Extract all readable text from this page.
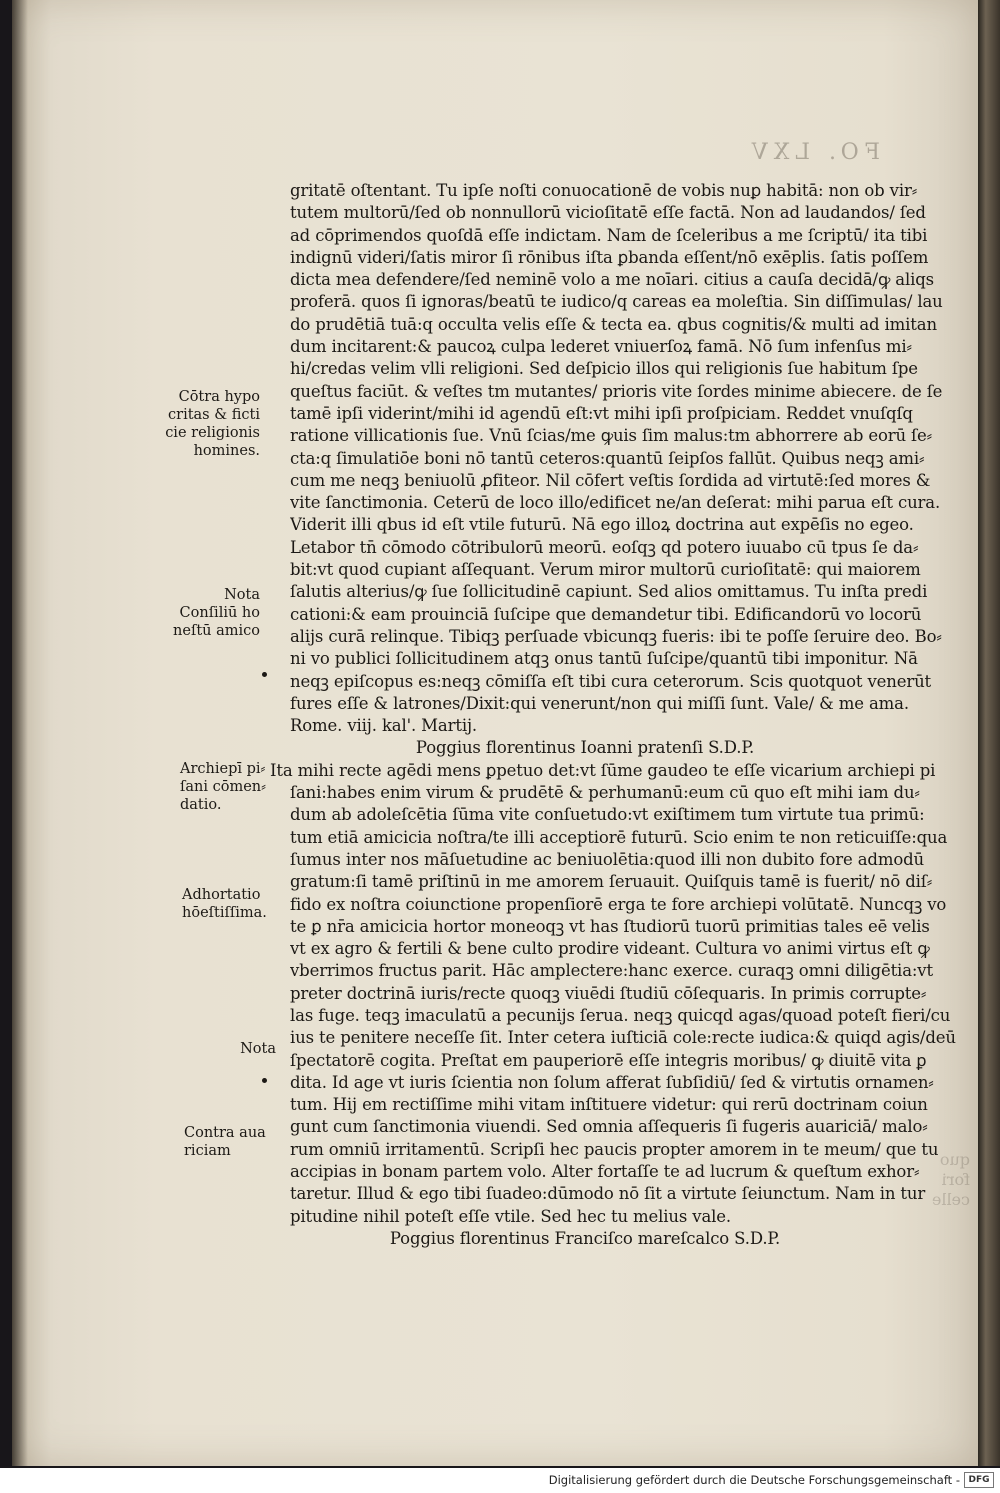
FO. LXV
quo
fori
celle
gritatē oſtentant. Tu ipſe noſti conuocationē de vobis nuꝑ habitā: non ob vir⸗
tutem multorū/ſed ob nonnullorū vicioſitatē eſſe factā. Non ad laudandos/ ſed
ad cōprimendos quoſdā eſſe indictam. Nam de ſceleribus a me ſcriptū/ ita tibi
indignū videri/ſatis miror ſi rōnibus iſta ꝑbanda eſſent/nō exēplis. ſatis poſſem
dicta mea defendere/ſed neminē volo a me noīari. citius a cauſa decidā/ꝙ aliqs
proferā. quos ſi ignoras/beatū te iudico/q careas ea moleſtia. Sin diſſimulas/ lau
do prudētiā tuā:q occulta velis eſſe & tecta ea. qbus cognitis/& multi ad imitan
dum incitarent:& paucoꝝ culpa lederet vniuerſoꝝ famā. Nō ſum infenſus mi⸗
hi/credas velim vlli religioni. Sed deſpicio illos qui religionis ſue habitum ſpe
queſtus faciūt. & veſtes tm mutantes/ prioris vite ſordes minime abiecere. de ſe
tamē ipſi viderint/mihi id agendū eſt:vt mihi ipſi proſpiciam. Reddet vnuſqſq
ratione villicationis ſue. Vnū ſcias/me ꝙuis ſim malus:tm abhorrere ab eorū ſe⸗
cta:q ſimulatiōe boni nō tantū ceteros:quantū ſeipſos fallūt. Quibus neqꝫ ami⸗
cum me neqꝫ beniuolū ꝓfiteor. Nil cōfert veſtis ſordida ad virtutē:ſed mores &
vite ſanctimonia. Ceterū de loco illo/edificet ne/an deſerat: mihi parua eſt cura.
Viderit illi qbus id eſt vtile futurū. Nā ego illoꝝ doctrina aut expēſis no egeo.
Letabor tn̄ cōmodo cōtribulorū meorū. eoſqꝫ qd potero iuuabo cū tpus ſe da⸗
bit:vt quod cupiant aſſequant. Verum miror multorū curioſitatē: qui maiorem
ſalutis alterius/ꝙ ſue ſollicitudinē capiunt. Sed alios omittamus. Tu inſta predi
cationi:& eam prouinciā ſuſcipe que demandetur tibi. Edificandorū vo locorū
alijs curā relinque. Tibiqꝫ perſuade vbicunqꝫ fueris: ibi te poſſe ſeruire deo. Bo⸗
ni vo publici ſollicitudinem atqꝫ onus tantū ſuſcipe/quantū tibi imponitur. Nā
neqꝫ epiſcopus es:neqꝫ cōmiſſa eſt tibi cura ceterorum. Scis quotquot venerūt
fures eſſe & latrones/Dixit:qui venerunt/non qui miſſi ſunt. Vale/ & me ama.
Rome. viij. kal'. Martij.
Poggius florentinus Ioanni pratenſi S.D.P.
Ita mihi recte agēdi mens ꝑpetuo det:vt ſūme gaudeo te eſſe vicarium archiepi pi
ſani:habes enim virum & prudētē & perhumanū:eum cū quo eſt mihi iam du⸗
dum ab adoleſcētia ſūma vite conſuetudo:vt exiſtimem tum virtute tua primū:
tum etiā amicicia noſtra/te illi acceptiorē futurū. Scio enim te non reticuiſſe:qua
ſumus inter nos māſuetudine ac beniuolētia:quod illi non dubito fore admodū
gratum:ſi tamē priſtinū in me amorem ſeruauit. Quiſquis tamē is fuerit/ nō diſ⸗
fido ex noſtra coiunctione propenſiorē erga te fore archiepi volūtatē. Nuncqꝫ vo
te ꝑ nr̄a amicicia hortor moneoqꝫ vt has ſtudiorū tuorū primitias tales eē velis
vt ex agro & fertili & bene culto prodire videant. Cultura vo animi virtus eſt ꝙ
vberrimos fructus parit. Hāc amplectere:hanc exerce. curaqꝫ omni diligētia:vt
preter doctrinā iuris/recte quoqꝫ viuēdi ſtudiū cōſequaris. In primis corrupte⸗
las fuge. teqꝫ imaculatū a pecunijs ſerua. neqꝫ quicqd agas/quoad poteſt fieri/cu
ius te penitere neceſſe ſit. Inter cetera iuſticiā cole:recte iudica:& quiqd agis/deū
ſpectatorē cogita. Preſtat em pauperiorē eſſe integris moribus/ ꝙ diuitē vita ꝑ
dita. Id age vt iuris ſcientia non ſolum afferat ſubſidiū/ ſed & virtutis ornamen⸗
tum. Hij em rectiſſime mihi vitam inſtituere videtur: qui rerū doctrinam coiun
gunt cum ſanctimonia viuendi. Sed omnia aſſequeris ſi fugeris auariciā/ malo⸗
rum omniū irritamentū. Scripſi hec paucis propter amorem in te meum/ que tu
accipias in bonam partem volo. Alter fortaſſe te ad lucrum & queſtum exhor⸗
taretur. Illud & ego tibi ſuadeo:dūmodo nō ſit a virtute ſeiunctum. Nam in tur
pitudine nihil poteſt eſſe vtile. Sed hec tu melius vale.
Poggius florentinus Franciſco mareſcalco S.D.P.
Cōtra hypo
critas & ficti
cie religionis
homines.
Nota
Conſiliū ho
neſtū amico
Archiepī pi⸗
ſani cōmen⸗
datio.
Adhortatio
hōeſtiſſima.
Nota
Contra aua
riciam
Digitalisierung gefördert durch die Deutsche Forschungsgemeinschaft - DFG
